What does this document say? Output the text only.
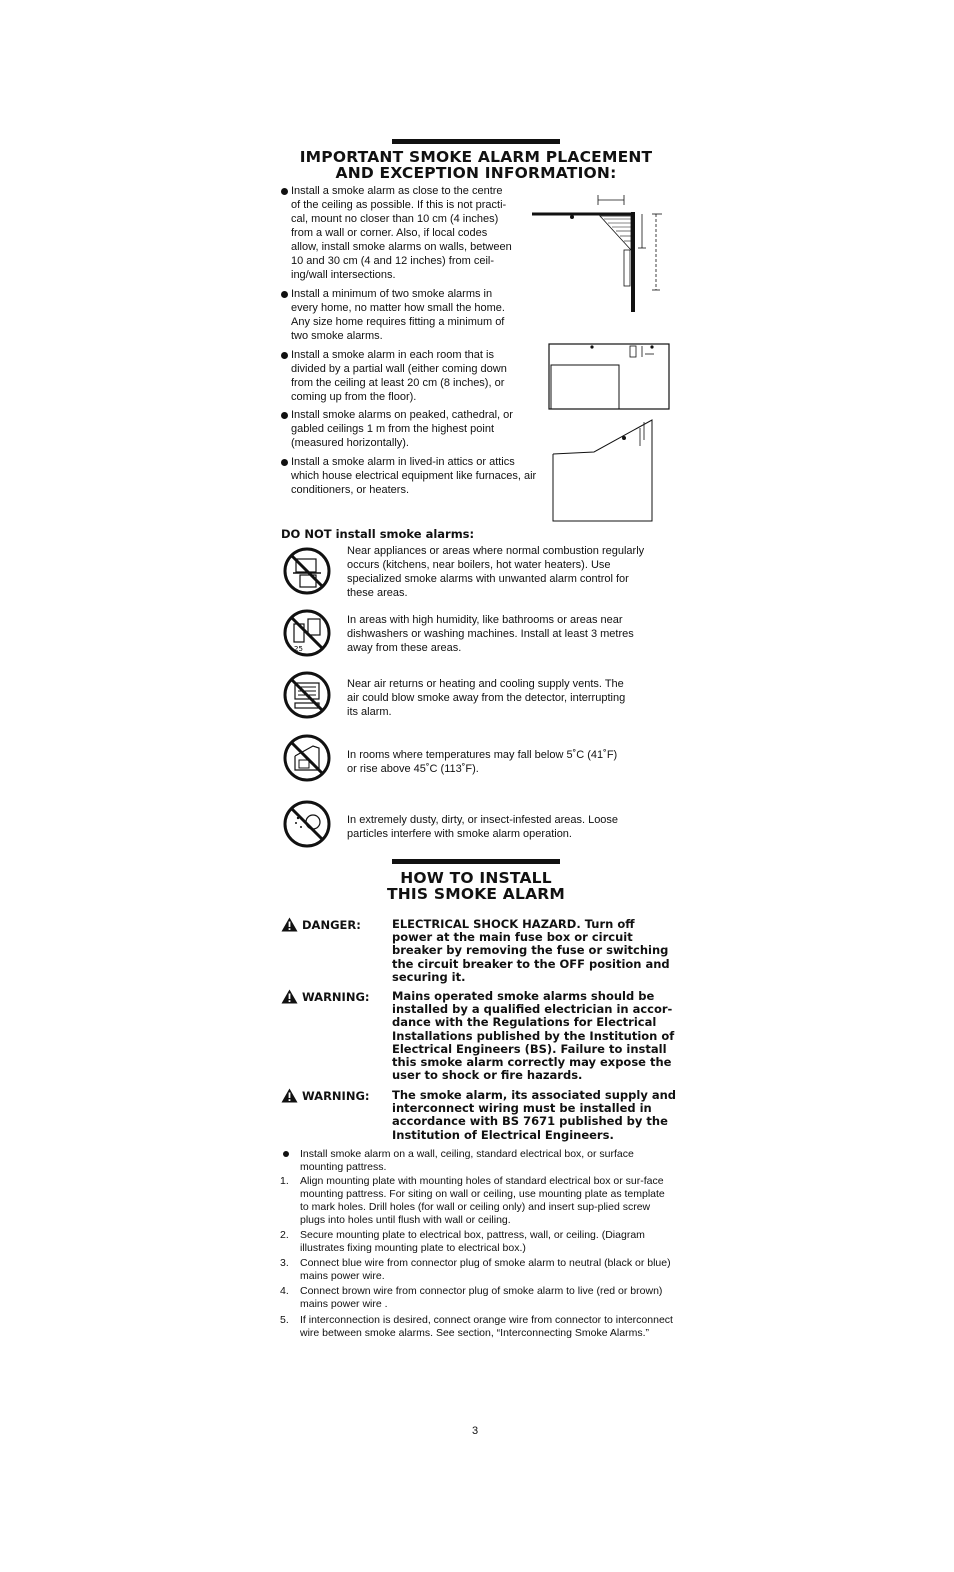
IMPORTANT SMOKE ALARM PLACEMENT
AND EXCEPTION INFORMATION:
Install a smoke alarm as close to the centre of the ceiling as possible. If this is not practi-cal, mount no closer than 10 cm (4 inches) from a wall or corner. Also, if local codes allow, install smoke alarms on walls, between 10 and 30 cm (4 and 12 inches) from ceil-ing/wall intersections.
Install a minimum of two smoke alarms in every home, no matter how small the home. Any size home requires fitting a minimum of two smoke alarms.
Install a smoke alarm in each room that is divided by a partial wall (either coming down from the ceiling at least 20 cm (8 inches), or coming up from the floor).
Install smoke alarms on peaked, cathedral, or gabled ceilings 1 m from the highest point (measured horizontally).
Install a smoke alarm in lived-in attics or attics which house electrical equipment like furnaces, air conditioners, or heaters.
DO NOT install smoke alarms:
25
Near appliances or areas where normal combustion regularly occurs (kitchens, near boilers, hot water heaters). Use specialized smoke alarms with unwanted alarm control for these areas.
In areas with high humidity, like bathrooms or areas near dishwashers or washing machines. Install at least 3 metres away from these areas.
Near air returns or heating and cooling supply vents. The air could blow smoke away from the detector, interrupting its alarm.
In rooms where temperatures may fall below 5˚C (41˚F) or rise above 45˚C (113˚F).
In extremely dusty, dirty, or insect-infested areas. Loose particles interfere with smoke alarm operation.
HOW TO INSTALL
THIS SMOKE ALARM
DANGER:	ELECTRICAL SHOCK HAZARD. Turn off power at the main fuse box or circuit breaker by removing the fuse or switching the circuit breaker to the OFF position and securing it.
WARNING: Mains operated smoke alarms should be installed by a qualified electrician in accor-dance with the Regulations for Electrical Installations published by the Institution of Electrical Engineers (BS). Failure to install this smoke alarm correctly may expose the user to shock or fire hazards.
WARNING: The smoke alarm, its associated supply and interconnect wiring must be installed in accordance with BS 7671 published by the Institution of Electrical Engineers.
Install smoke alarm on a wall, ceiling, standard electrical box, or surface mounting pattress.
1. Align mounting plate with mounting holes of standard electrical box or sur-face mounting pattress. For siting on wall or ceiling, use mounting plate as template to mark holes. Drill holes (for wall or ceiling only) and insert sup-plied screw plugs into holes until flush with wall or ceiling.
2. Secure mounting plate to electrical box, pattress, wall, or ceiling. (Diagram illustrates fixing mounting plate to electrical box.)
3. Connect blue wire from connector plug of smoke alarm to neutral (black or blue) mains power wire.
4. Connect brown wire from connector plug of smoke alarm to live (red or brown) mains power wire .
5. If interconnection is desired, connect orange wire from connector to interconnect wire between smoke alarms. See section, “Interconnecting Smoke Alarms.”
3
